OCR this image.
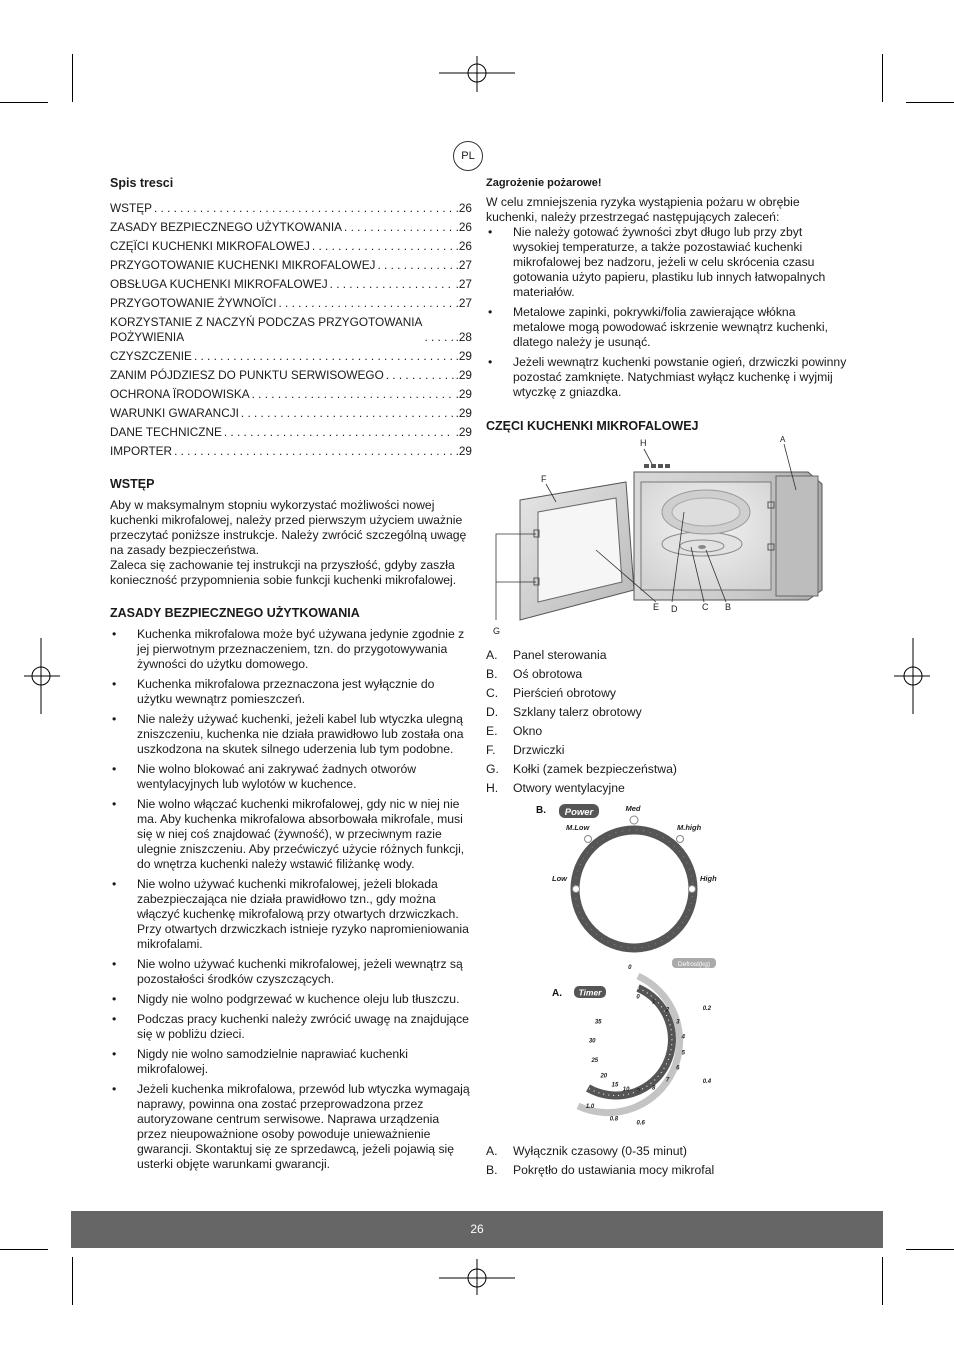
PL
Spis tresci
WSTĘP . . .	.26
ZASADY BEZPIECZNEGO UŻYTKOWANIA . . .	.26
CZĘÏCI KUCHENKI MIKROFALOWEJ . . .	.26
PRZYGOTOWANIE KUCHENKI MIKROFALOWEJ . . .	.27
OBSŁUGA KUCHENKI MIKROFALOWEJ . . .	.27
PRZYGOTOWANIE ŻYWNOÏCI . . .	.27
KORZYSTANIE Z NACZYŃ PODCZAS PRZYGOTOWANIA
POŻYWIENIA . . .	.28
CZYSZCZENIE . . .	.29
ZANIM PÓJDZIESZ DO PUNKTU SERWISOWEGO . . .	.29
OCHRONA ÏRODOWISKA . . .	.29
WARUNKI GWARANCJI . . .	.29
DANE TECHNICZNE . . .	.29
IMPORTER . . .	.29
WSTĘP

Aby w maksymalnym stopniu wykorzystać możliwości nowej kuchenki mikrofalowej, należy przed pierwszym użyciem uważnie przeczytać poniższe instrukcje. Należy zwrócić szczególną uwagę na zasady bezpieczeństwa.

Zaleca się zachowanie tej instrukcji na przyszłość, gdyby zaszła konieczność przypomnienia sobie funkcji kuchenki mikrofalowej.

ZASADY BEZPIECZNEGO UŻYTKOWANIA
• Kuchenka mikrofalowa może być używana jedynie zgodnie z jej pierwotnym przeznaczeniem, tzn. do przygotowywania żywności do użytku domowego.
• Kuchenka mikrofalowa przeznaczona jest wyłącznie do użytku wewnątrz pomieszczeń.
• Nie należy używać kuchenki, jeżeli kabel lub wtyczka ulegną zniszczeniu, kuchenka nie działa prawidłowo lub została ona uszkodzona na skutek silnego uderzenia lub tym podobne.
• Nie wolno blokować ani zakrywać żadnych otworów wentylacyjnych lub wylotów w kuchence.
• Nie wolno włączać kuchenki mikrofalowej, gdy nic w niej nie ma. Aby kuchenka mikrofalowa absorbowała mikrofale, musi się w niej coś znajdować (żywność), w przeciwnym razie ulegnie zniszczeniu. Aby przećwiczyć użycie różnych funkcji, do wnętrza kuchenki należy wstawić filiżankę wody.
• Nie wolno używać kuchenki mikrofalowej, jeżeli blokada zabezpieczająca nie działa prawidłowo tzn., gdy można włączyć kuchenkę mikrofalową przy otwartych drzwiczkach. Przy otwartych drzwiczkach istnieje ryzyko napromieniowania mikrofalami.
• Nie wolno używać kuchenki mikrofalowej, jeżeli wewnątrz są pozostałości środków czyszczących.
• Nigdy nie wolno podgrzewać w kuchence oleju lub tłuszczu.
• Podczas pracy kuchenki należy zwrócić uwagę na znajdujące się w pobliżu dzieci.
• Nigdy nie wolno samodzielnie naprawiać kuchenki mikrofalowej.
• Jeżeli kuchenka mikrofalowa, przewód lub wtyczka wymagają naprawy, powinna ona zostać przeprowadzona przez autoryzowane centrum serwisowe. Naprawa urządzenia przez nieupoważnione osoby powoduje unieważnienie gwarancji. Skontaktuj się ze sprzedawcą, jeżeli pojawią się usterki objęte warunkami gwarancji.
Zagrożenie pożarowe!

W celu zmniejszenia ryzyka wystąpienia pożaru w obrębie kuchenki, należy przestrzegać następujących zaleceń:

• Nie należy gotować żywności zbyt długo lub przy zbyt wysokiej temperaturze, a także pozostawiać kuchenki mikrofalowej bez nadzoru, jeżeli w celu skrócenia czasu gotowania użyto papieru, plastiku lub innych łatwopalnych materiałów.
• Metalowe zapinki, pokrywki/folia zawierające włókna metalowe mogą powodować iskrzenie wewnątrz kuchenki, dlatego należy je usunąć.
• Jeżeli wewnątrz kuchenki powstanie ogień, drzwiczki powinny pozostać zamknięte. Natychmiast wyłącz kuchenkę i wyjmij wtyczkę z gniazdka.
CZĘCI KUCHENKI MIKROFALOWEJ
H	A
F
E D	C B
G
A. Panel sterowania
B. Oś obrotowa
C. Pierścień obrotowy
D. Szklany talerz obrotowy
E. Okno
F. Drzwiczki
G. Kołki (zamek bezpieczeństwa)
H. Otwory wentylacyjne
B. Power	Med
M.Low	M.high
Low	High
A. Timer
Defrost(kg)
0
1
2
3
4
5
6
7
8
9
10
15
20
25
30
35
0
0.2
0.4
0.6
0.8
1.0
A. Wyłącznik czasowy (0-35 minut)
B. Pokrętło do ustawiania mocy mikrofal
26
